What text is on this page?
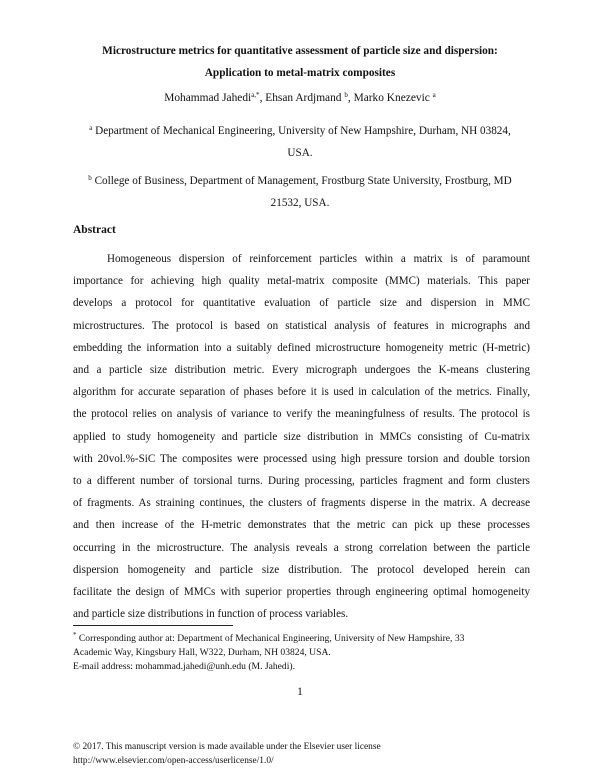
Microstructure metrics for quantitative assessment of particle size and dispersion:
Application to metal-matrix composites
Mohammad Jahedi$^{a,*}$, Ehsan Ardjmand $^b$, Marko Knezevic $^a$
$^a$ Department of Mechanical Engineering, University of New Hampshire, Durham, NH 03824,
USA.
$^b$ College of Business, Department of Management, Frostburg State University, Frostburg, MD
21532, USA.
Abstract

Homogeneous dispersion of reinforcement particles within a matrix is of paramount
importance for achieving high quality metal-matrix composite (MMC) materials. This paper
develops a protocol for quantitative evaluation of particle size and dispersion in MMC
microstructures. The protocol is based on statistical analysis of features in micrographs and
embedding the information into a suitably defined microstructure homogeneity metric (H-metric)
and a particle size distribution metric. Every micrograph undergoes the K-means clustering
algorithm for accurate separation of phases before it is used in calculation of the metrics. Finally,
the protocol relies on analysis of variance to verify the meaningfulness of results. The protocol is
applied to study homogeneity and particle size distribution in MMCs consisting of Cu-matrix
with 20vol.%-SiC The composites were processed using high pressure torsion and double torsion
to a different number of torsional turns. During processing, particles fragment and form clusters
of fragments. As straining continues, the clusters of fragments disperse in the matrix. A decrease
and then increase of the H-metric demonstrates that the metric can pick up these processes
occurring in the microstructure. The analysis reveals a strong correlation between the particle
dispersion homogeneity and particle size distribution. The protocol developed herein can
facilitate the design of MMCs with superior properties through engineering optimal homogeneity
and particle size distributions in function of process variables.

* Corresponding author at: Department of Mechanical Engineering, University of New Hampshire, 33
Academic Way, Kingsbury Hall, W322, Durham, NH 03824, USA.
E-mail address: mohammad.jahedi@unh.edu (M. Jahedi).
1
© 2017. This manuscript version is made available under the Elsevier user license
http://www.elsevier.com/open-access/userlicense/1.0/
